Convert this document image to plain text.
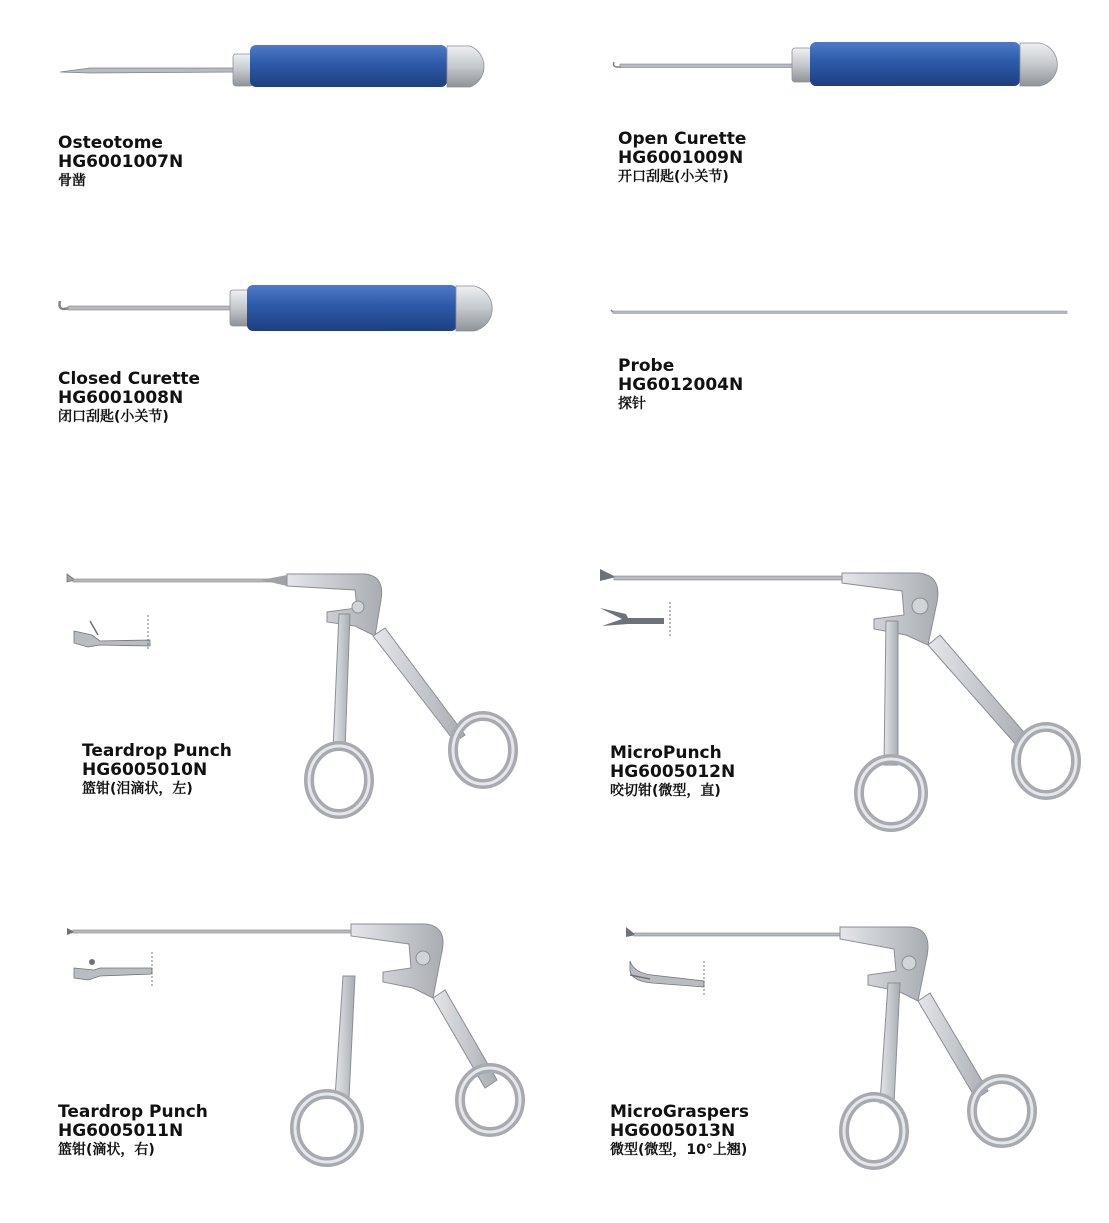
Osteotome
HG6001007N
骨凿
Open Curette
HG6001009N
开口刮匙(小关节)
Closed Curette
HG6001008N
闭口刮匙(小关节)
Probe
HG6012004N
探针
Teardrop Punch
HG6005010N
篮钳(泪滴状，左)
MicroPunch
HG6005012N
咬切钳(微型，直)
Teardrop Punch
HG6005011N
篮钳(滴状，右)
MicroGraspers
HG6005013N
微型(微型，10°上翘)
